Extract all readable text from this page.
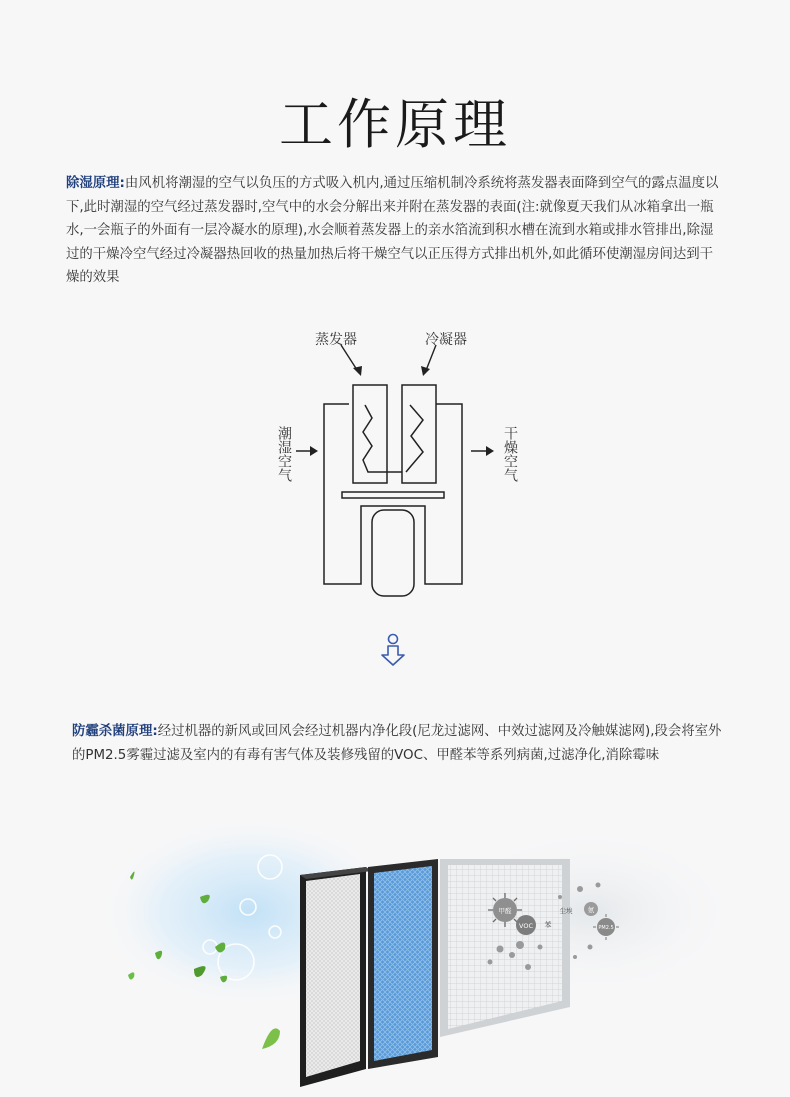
工作原理
除湿原理:由风机将潮湿的空气以负压的方式吸入机内,通过压缩机制冷系统将蒸发器表面降到空气的露点温度以下,此时潮湿的空气经过蒸发器时,空气中的水会分解出来并附在蒸发器的表面(注:就像夏天我们从冰箱拿出一瓶水,一会瓶子的外面有一层冷凝水的原理),水会顺着蒸发器上的亲水箔流到积水槽在流到水箱或排水管排出,除湿过的干燥冷空气经过冷凝器热回收的热量加热后将干燥空气以正压得方式排出机外,如此循环使潮湿房间达到干燥的效果
蒸发器	冷凝器
潮湿空气	干燥空气
防霾杀菌原理:经过机器的新风或回风会经过机器内净化段(尼龙过滤网、中效过滤网及冷触媒滤网),段会将室外的PM2.5雾霾过滤及室内的有毒有害气体及装修残留的VOC、甲醛苯等系列病菌,过滤净化,消除霉味
甲醛
VOC 苯
尘埃 氨
PM2.5
